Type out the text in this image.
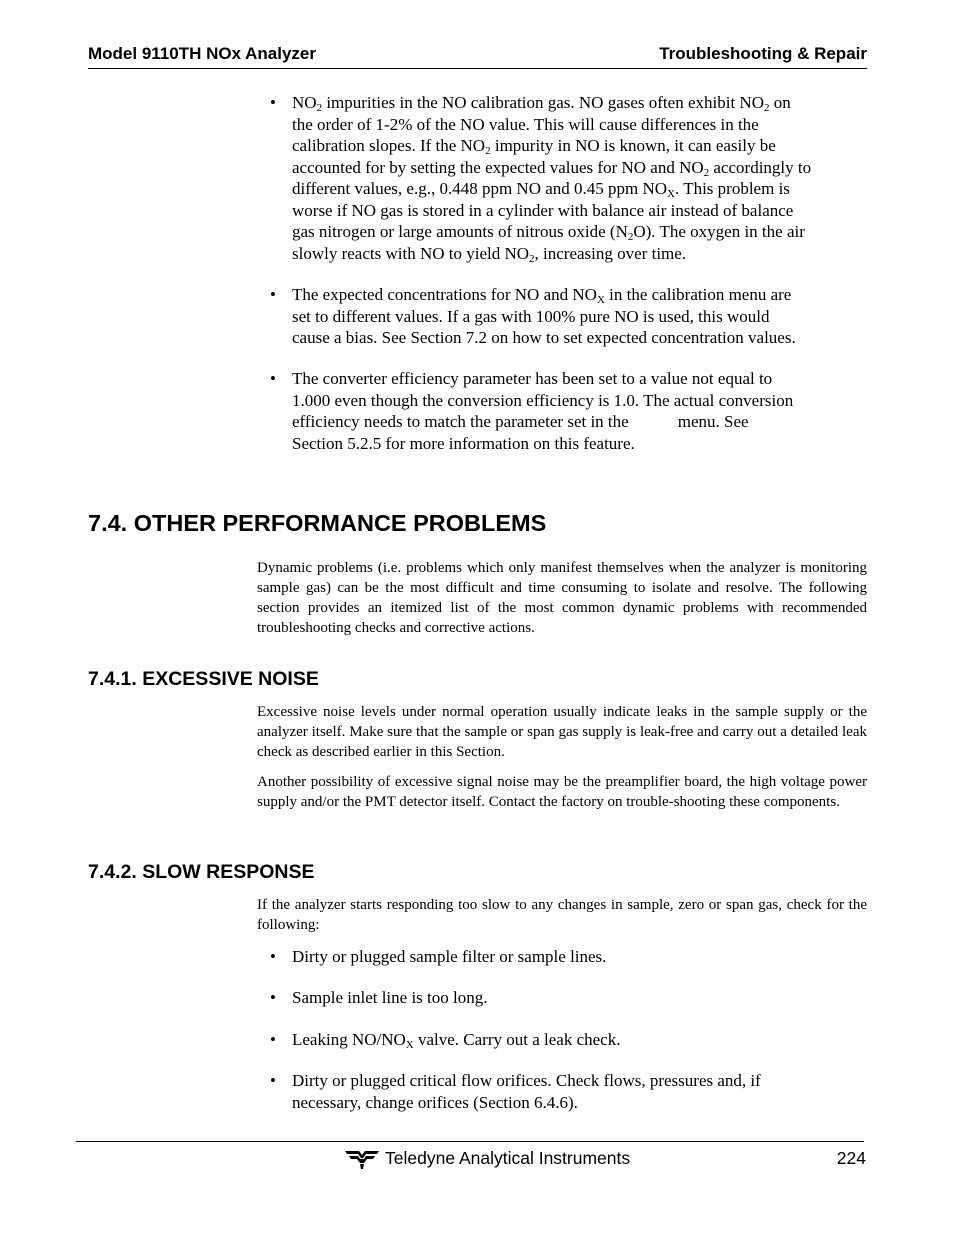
Model 9110TH NOx Analyzer	Troubleshooting & Repair
• $NO_2$ impurities in the NO calibration gas. NO gases often exhibit $NO_2$ on
the order of 1-2% of the NO value. This will cause differences in the
calibration slopes. If the $NO_2$ impurity in NO is known, it can easily be
accounted for by setting the expected values for NO and $NO_2$ accordingly to
different values, e.g., 0.448 ppm NO and 0.45 ppm $NO_X$. This problem is
worse if NO gas is stored in a cylinder with balance air instead of balance
gas nitrogen or large amounts of nitrous oxide $(N_2O)$. The oxygen in the air
slowly reacts with NO to yield $NO_2$, increasing over time.
• The expected concentrations for NO and $NO_X$ in the calibration menu are
set to different values. If a gas with 100% pure NO is used, this would
cause a bias. See Section 7.2 on how to set expected concentration values.
• The converter efficiency parameter has been set to a value not equal to
1.000 even though the conversion efficiency is 1.0. The actual conversion
efficiency needs to match the parameter set in the	menu. See
Section 5.2.5 for more information on this feature.
7.4. OTHER PERFORMANCE PROBLEMS
Dynamic problems (i.e. problems which only manifest themselves when the analyzer is monitoring sample gas) can be the most difficult and time consuming to isolate and resolve. The following section provides an itemized list of the most common dynamic problems with recommended troubleshooting checks and corrective actions.
7.4.1. EXCESSIVE NOISE
Excessive noise levels under normal operation usually indicate leaks in the sample supply or the analyzer itself. Make sure that the sample or span gas supply is leak-free and carry out a detailed leak check as described earlier in this Section.
Another possibility of excessive signal noise may be the preamplifier board, the high voltage power supply and/or the PMT detector itself. Contact the factory on trouble-shooting these components.
7.4.2. SLOW RESPONSE
If the analyzer starts responding too slow to any changes in sample, zero or span gas, check for the following:
• Dirty or plugged sample filter or sample lines.
• Sample inlet line is too long.
• Leaking $NO/NO_X$ valve. Carry out a leak check.
• Dirty or plugged critical flow orifices. Check flows, pressures and, if
necessary, change orifices (Section 6.4.6).
Teledyne Analytical Instruments	224
